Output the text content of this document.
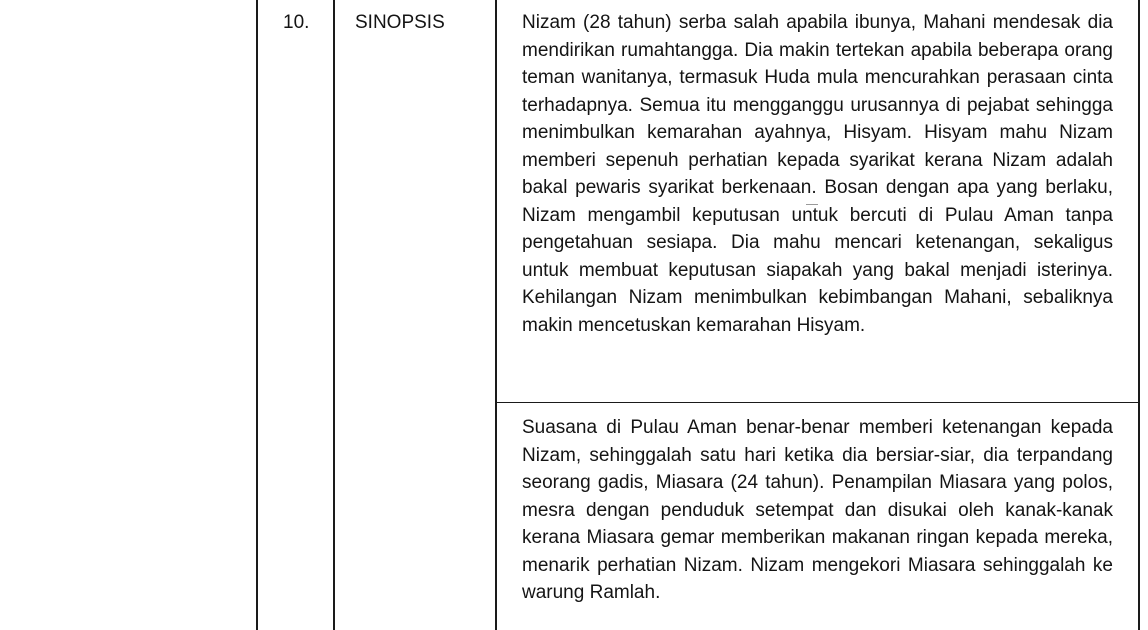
10. SINOPSIS	Nizam (28 tahun) serba salah apabila ibunya, Mahani mendesak dia mendirikan rumahtangga. Dia makin tertekan apabila beberapa orang teman wanitanya, termasuk Huda mula mencurahkan perasaan cinta terhadapnya. Semua itu mengganggu urusannya di pejabat sehingga menimbulkan kemarahan ayahnya, Hisyam. Hisyam mahu Nizam memberi sepenuh perhatian kepada syarikat kerana Nizam adalah bakal pewaris syarikat berkenaan. Bosan dengan apa yang berlaku, Nizam mengambil keputusan untuk bercuti di Pulau Aman tanpa pengetahuan sesiapa. Dia mahu mencari ketenangan, sekaligus untuk membuat keputusan siapakah yang bakal menjadi isterinya. Kehilangan Nizam menimbulkan kebimbangan Mahani, sebaliknya makin mencetuskan kemarahan Hisyam.

Suasana di Pulau Aman benar-benar memberi ketenangan kepada Nizam, sehinggalah satu hari ketika dia bersiar-siar, dia terpandang seorang gadis, Miasara (24 tahun). Penampilan Miasara yang polos, mesra dengan penduduk setempat dan disukai oleh kanak-kanak kerana Miasara gemar memberikan makanan ringan kepada mereka, menarik perhatian Nizam. Nizam mengekori Miasara sehinggalah ke warung Ramlah.
